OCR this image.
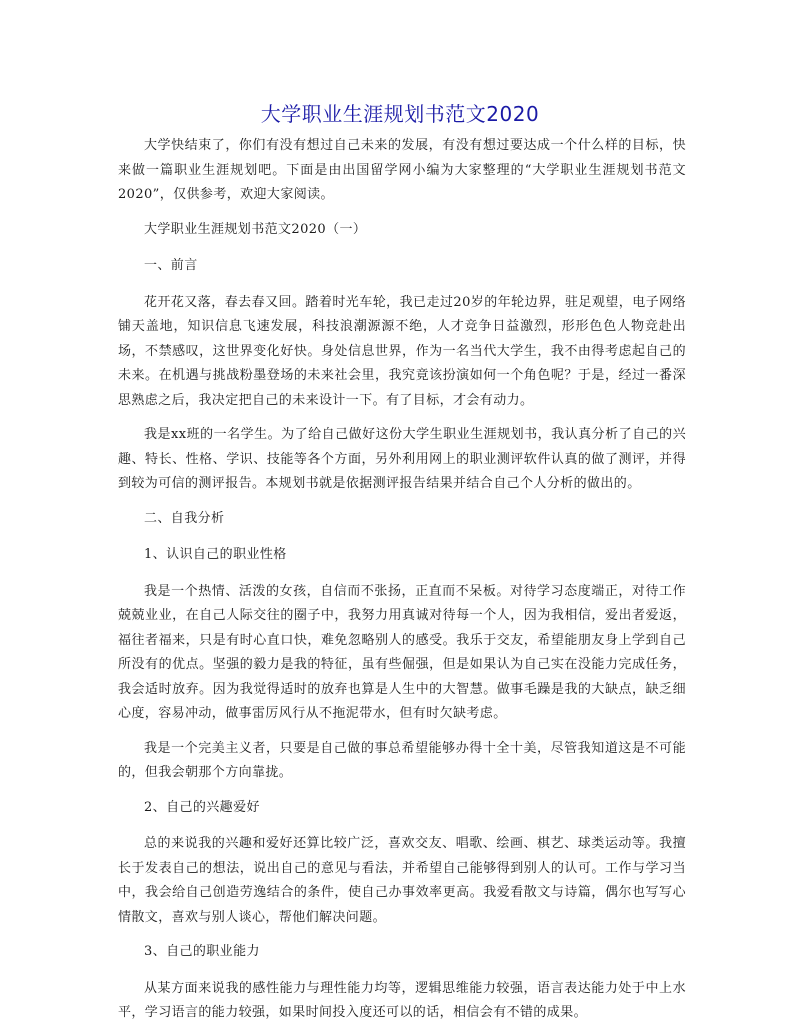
大学职业生涯规划书范文2020

大学快结束了，你们有没有想过自己未来的发展，有没有想过要达成一个什么样的目标，快来做一篇职业生涯规划吧。下面是由出国留学网小编为大家整理的“大学职业生涯规划书范文2020”，仅供参考，欢迎大家阅读。

大学职业生涯规划书范文2020（一）

一、前言

花开花又落，春去春又回。踏着时光车轮，我已走过20岁的年轮边界，驻足观望，电子网络铺天盖地，知识信息飞速发展，科技浪潮源源不绝，人才竞争日益激烈，形形色色人物竞赴出场，不禁感叹，这世界变化好快。身处信息世界，作为一名当代大学生，我不由得考虑起自己的未来。在机遇与挑战粉墨登场的未来社会里，我究竟该扮演如何一个角色呢？于是，经过一番深思熟虑之后，我决定把自己的未来设计一下。有了目标，才会有动力。

我是xx班的一名学生。为了给自己做好这份大学生职业生涯规划书，我认真分析了自己的兴趣、特长、性格、学识、技能等各个方面，另外利用网上的职业测评软件认真的做了测评，并得到较为可信的测评报告。本规划书就是依据测评报告结果并结合自己个人分析的做出的。

二、自我分析

1、认识自己的职业性格

我是一个热情、活泼的女孩，自信而不张扬，正直而不呆板。对待学习态度端正，对待工作兢兢业业，在自己人际交往的圈子中，我努力用真诚对待每一个人，因为我相信，爱出者爱返，福往者福来，只是有时心直口快，难免忽略别人的感受。我乐于交友，希望能朋友身上学到自己所没有的优点。坚强的毅力是我的特征，虽有些倔强，但是如果认为自己实在没能力完成任务，我会适时放弃。因为我觉得适时的放弃也算是人生中的大智慧。做事毛躁是我的大缺点，缺乏细心度，容易冲动，做事雷厉风行从不拖泥带水，但有时欠缺考虑。

我是一个完美主义者，只要是自己做的事总希望能够办得十全十美，尽管我知道这是不可能的，但我会朝那个方向靠拢。

2、自己的兴趣爱好

总的来说我的兴趣和爱好还算比较广泛，喜欢交友、唱歌、绘画、棋艺、球类运动等。我擅长于发表自己的想法，说出自己的意见与看法，并希望自己能够得到别人的认可。工作与学习当中，我会给自己创造劳逸结合的条件，使自己办事效率更高。我爱看散文与诗篇，偶尔也写写心情散文，喜欢与别人谈心，帮他们解决问题。

3、自己的职业能力

从某方面来说我的感性能力与理性能力均等，逻辑思维能力较强，语言表达能力处于中上水平，学习语言的能力较强，如果时间投入度还可以的话，相信会有不错的成果。
